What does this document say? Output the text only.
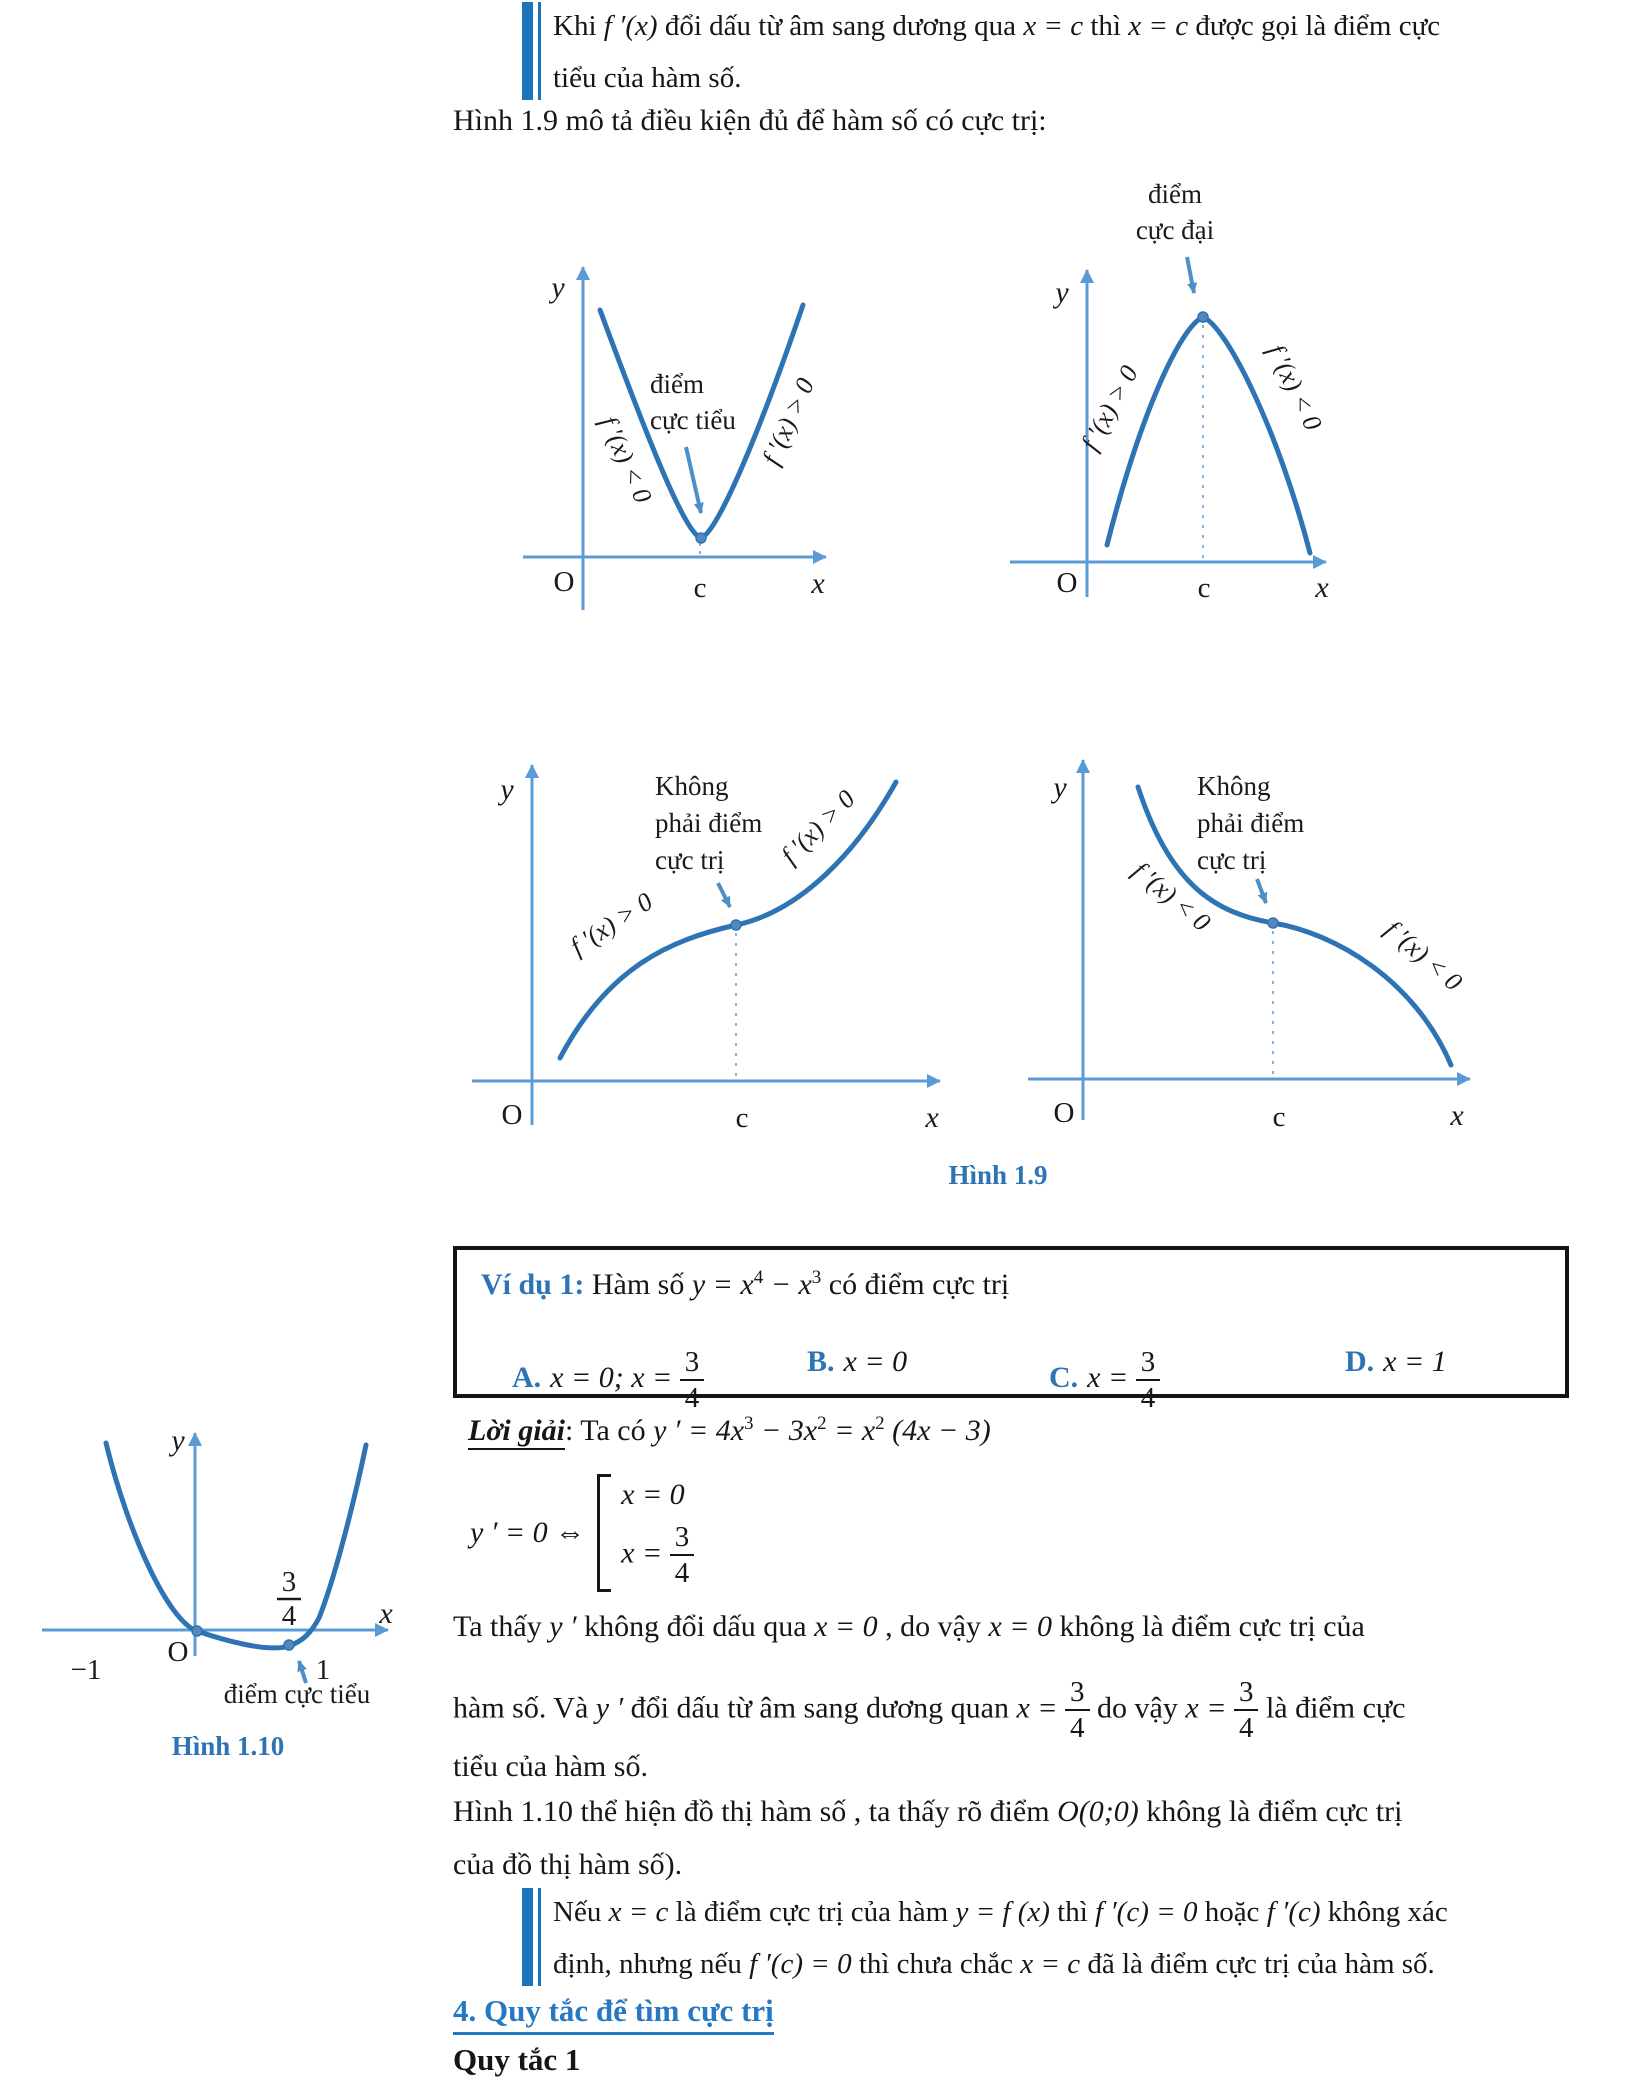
Khi f ′(x) đổi dấu từ âm sang dương qua x = c thì x = c được gọi là điểm cực
tiểu của hàm số.
Hình 1.9 mô tả điều kiện đủ để hàm số có cực trị:
điểm
cực tiểu
f ′(x) < 0	f ′(x) > 0
y
O	c	x
điểm
cực đại
f ′(x) > 0	f ′(x) < 0
y
O	c	x
Không
phải điểm
cực trị
f ′(x) > 0
f ′(x) > 0
y
O	c	x
Không
phải điểm
cực trị
f ′(x) < 0
f ′(x) < 0
y
O	c	x
Hình 1.9
Ví dụ 1: Hàm số $y = x^4 - x^3$ có điểm cực trị
A. x = 0; $x = \frac{3}{4}$	B. x = 0	C. $x = \frac{3}{4}$	D. x = 1
Lời giải: Ta có y ′ = $4x^3 - 3x^2 = x^2$ (4x − 3)
y ′ = 0 ⇔
x = 0
$x = \frac{3}{4}$
Ta thấy y ′ không đổi dấu qua x = 0 , do vậy x = 0 không là điểm cực trị của
hàm số. Và y ′ đổi dấu từ âm sang dương quan $x = \frac{3}{4}$ do vậy $x = \frac{3}{4}$ là điểm cực
tiểu của hàm số.
Hình 1.10 thể hiện đồ thị hàm số , ta thấy rõ điểm O(0;0) không là điểm cực trị
của đồ thị hàm số).
y
x
O
−1
3
4
1
điểm cực tiểu
Hình 1.10
Nếu x = c là điểm cực trị của hàm y = f (x) thì f ′(c) = 0 hoặc f ′(c) không xác
định, nhưng nếu f ′(c) = 0 thì chưa chắc x = c đã là điểm cực trị của hàm số.
4. Quy tắc để tìm cực trị
Quy tắc 1
